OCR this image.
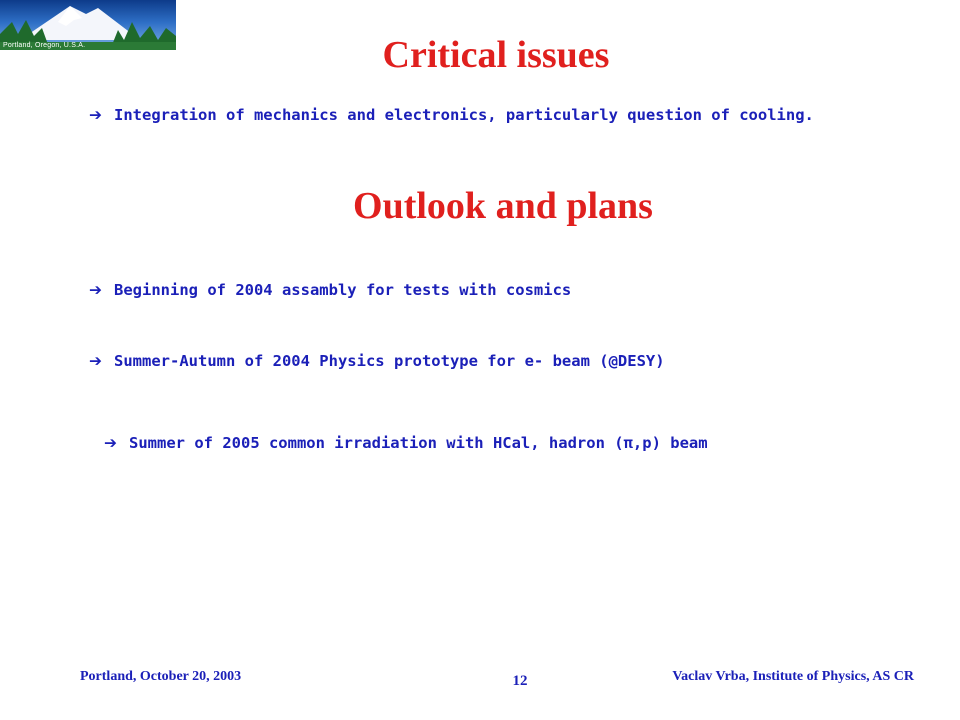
Portland, Oregon, U.S.A.	Critical issues
➔ Integration of mechanics and electronics, particularly question of cooling.
Outlook and plans
➔ Beginning of 2004 assambly for tests with cosmics
➔ Summer-Autumn of 2004 Physics prototype for e- beam (@DESY)
➔ Summer of 2005 common irradiation with HCal, hadron (π,p) beam
Portland, October 20, 2003	12	Vaclav Vrba, Institute of Physics, AS CR
